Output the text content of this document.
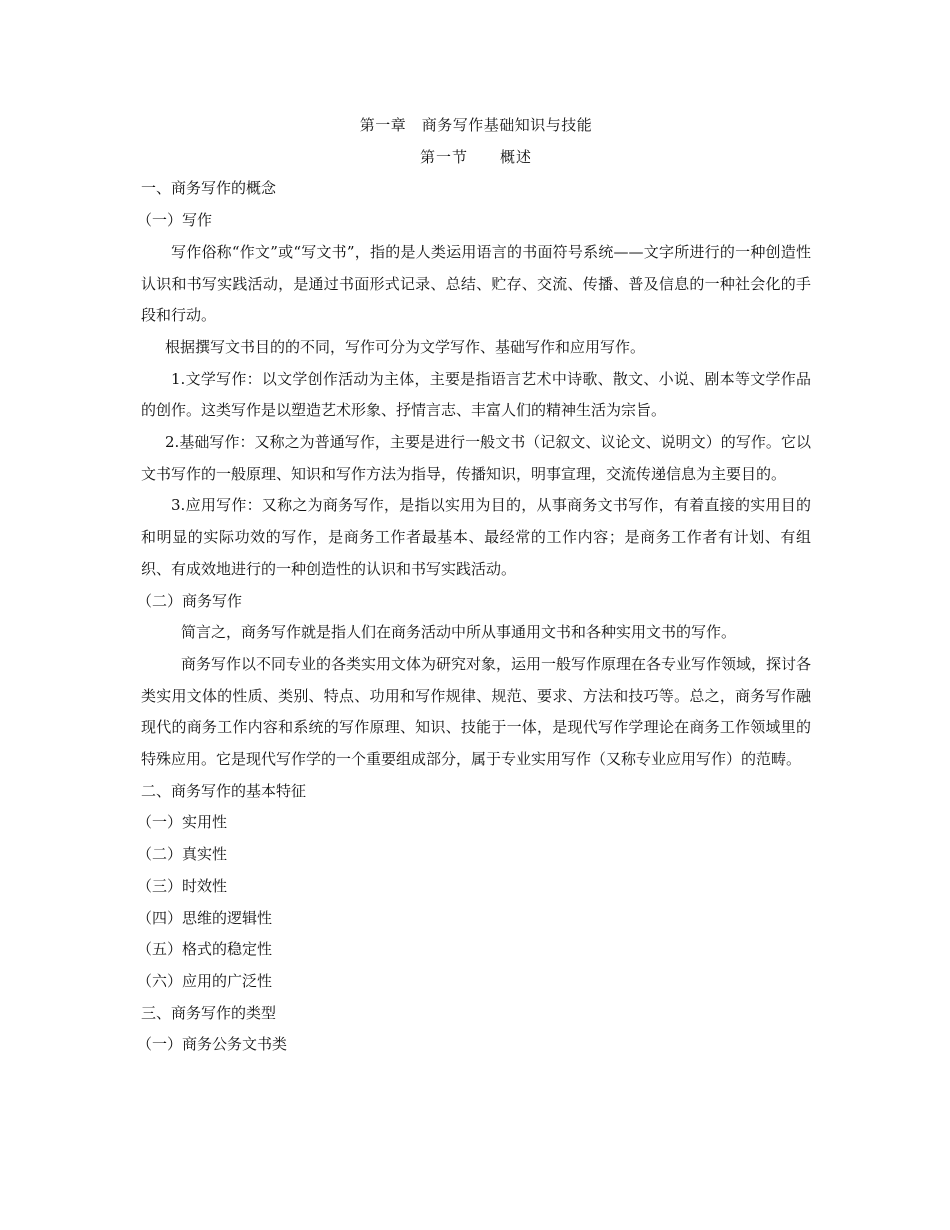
第一章　商务写作基础知识与技能

第一节　　概述

一、商务写作的概念

（一）写作

写作俗称“作文”或“写文书”，指的是人类运用语言的书面符号系统——文字所进行的一种创造性认识和书写实践活动，是通过书面形式记录、总结、贮存、交流、传播、普及信息的一种社会化的手段和行动。

根据撰写文书目的的不同，写作可分为文学写作、基础写作和应用写作。

1.文学写作：以文学创作活动为主体，主要是指语言艺术中诗歌、散文、小说、剧本等文学作品的创作。这类写作是以塑造艺术形象、抒情言志、丰富人们的精神生活为宗旨。

2.基础写作：又称之为普通写作，主要是进行一般文书（记叙文、议论文、说明文）的写作。它以文书写作的一般原理、知识和写作方法为指导，传播知识，明事宣理，交流传递信息为主要目的。

3.应用写作：又称之为商务写作，是指以实用为目的，从事商务文书写作，有着直接的实用目的和明显的实际功效的写作，是商务工作者最基本、最经常的工作内容；是商务工作者有计划、有组织、有成效地进行的一种创造性的认识和书写实践活动。

（二）商务写作

简言之，商务写作就是指人们在商务活动中所从事通用文书和各种实用文书的写作。

商务写作以不同专业的各类实用文体为研究对象，运用一般写作原理在各专业写作领域，探讨各类实用文体的性质、类别、特点、功用和写作规律、规范、要求、方法和技巧等。总之，商务写作融现代的商务工作内容和系统的写作原理、知识、技能于一体，是现代写作学理论在商务工作领域里的特殊应用。它是现代写作学的一个重要组成部分，属于专业实用写作（又称专业应用写作）的范畴。

二、商务写作的基本特征

（一）实用性

（二）真实性

（三）时效性

（四）思维的逻辑性

（五）格式的稳定性

（六）应用的广泛性

三、商务写作的类型

（一）商务公务文书类
